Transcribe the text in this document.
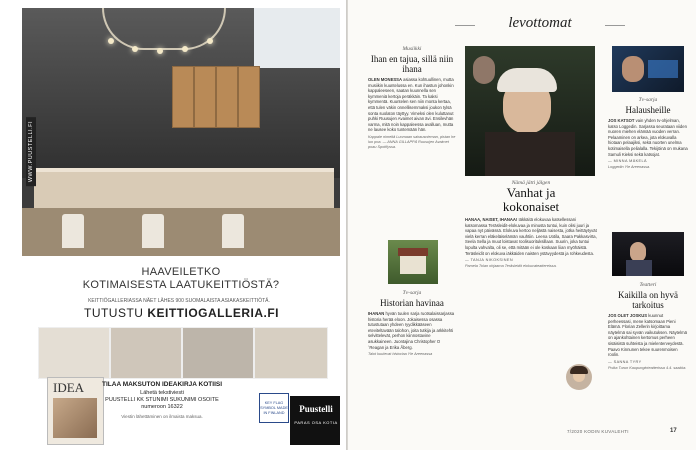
WWW.PUUSTELLI.FI
HAAVEILETKO
KOTIMAISESTA LAATUKEITTIÖSTÄ?
KEITTIÖGALLERIASSA NÄET LÄHES 900 SUOMALAISTA ASIAKASKEITTIÖTÄ.
TUTUSTU KEITTIOGALLERIA.FI
IDEA	TILAA MAKSUTON IDEAKIRJA KOTIISI
Lähetä tekstiviesti
PUUSTELLI KK STUNIMI SUKUNIMI OSOITE
numeroon 16322
Viestin lähettäminen on ilmaista maksua.
KEY FLAG SYMBOL MADE IN FINLAND	Puustelli
PARAS OSA KOTIA
levottomat
Musiikki
Ihan en tajua, sillä niin ihana
OLEN MONESSA asiassa kohtuullinen, mutta musiikin kuuntelussa en. Kun ihastun johonkin kappaleeseen, saatan kuunnella sen kymmeniä kertoja peräkkäin. Ta kaksi kymmentä. Kuuntelen sen niin monta kertaa, että tulen väkin onnellisemmaksi joukon tylsä sonta suolaton täyttyy. Vimeksi olen kuluttanut puhki Ruusujen Avaimet aivan ävi. Ensilevhän varma, mitä noin kappaleessa avalluan, mutta ne lausee koko tuntemään hän.
Kappale nimeltä Luomaan sairausnieman, pistan he luo poa. — ANNA GILLAPPÄ Ruusujen Avaimet poau Spotifyssa.
Tv-sarja
Historian havinaa
IHANAN hyvän tuulen sarja ruotsalaissarjassa historia herää eloon. Jokaisessa osassa tutustutaan yhdeen ryydikkääseen eteviteltavään talohon, joita tutkija ja arkkitehti selvittelevät, perhon kiinnostavine asukkaineen. Juontajina Christopher O´Reagan ja Erika Åberg.
Talot kuulevat historiaa Yle Areenassa
Nämä jätti jälgen
Vanhat ja
kokonaiset
HANAA, NAISET, IHANAA! Iäkkäitä elokuvaa katsellessani katsomassa Teräsleidit-elokuvaa ja minusta tuntui, kuin olisi juuri ja vapaa nyt päivässä. Elokuva kertoo neljästä naisesta, jotka heittäytyvät vielä kerran eläkeläiselämän vauhtiin. Leena Uotila, Saara Pakkasvirta, Seela Sella ja muut loistavat roolisuorituksillaan. Suurin, joka tuntui lopulta vahvalta, oli se, että mitään ei ole koskaan liian myöhäistä. Teräsleidit on elokuva iäkkäiden naisten ystävyydestä ja rohkeudesta.
— TANJA NIKOKSINEN
Pamela Tolan ohjaama Teräsleidit elokuvateattereissa.
Tv-sarja
Halausheille
JOS KATSOT vain yhden tv-ohjelman, katso Loggedin. Sarjassa seurataan viiden nuoren miehen elämää vuoden verran. Pelaaminen on arkea, jota elokuvalla hiotaan pelaajiksi, sekä nuorten unelma kotimaisella pelialalla. Tekijöinä on mukana Samuli Kieksi sekä katsojat.
— MINNA MÄKELÄ
Loggedin Yle Areenassa.
Teatteri
Kaikilla on hyvä tarkoitus
JOS OLET JOSKUS kuunnut perheessasi, mene katsomaan Pieni Elämä. Florian Zellerin kirjoittama näytelmä sai syvän vaikutuksen. Näytelmä on ajankohtainen kertomus perheen sisäisistä suhteista ja mielenterveydestä. Paavo Kinnunen tekee suurenmoisen roolin.
— SANNA TYRY
Poika Turun Kaupunginteatterissa 4.4. saakka.
7/2020 KODIN KUVALEHTI	17
